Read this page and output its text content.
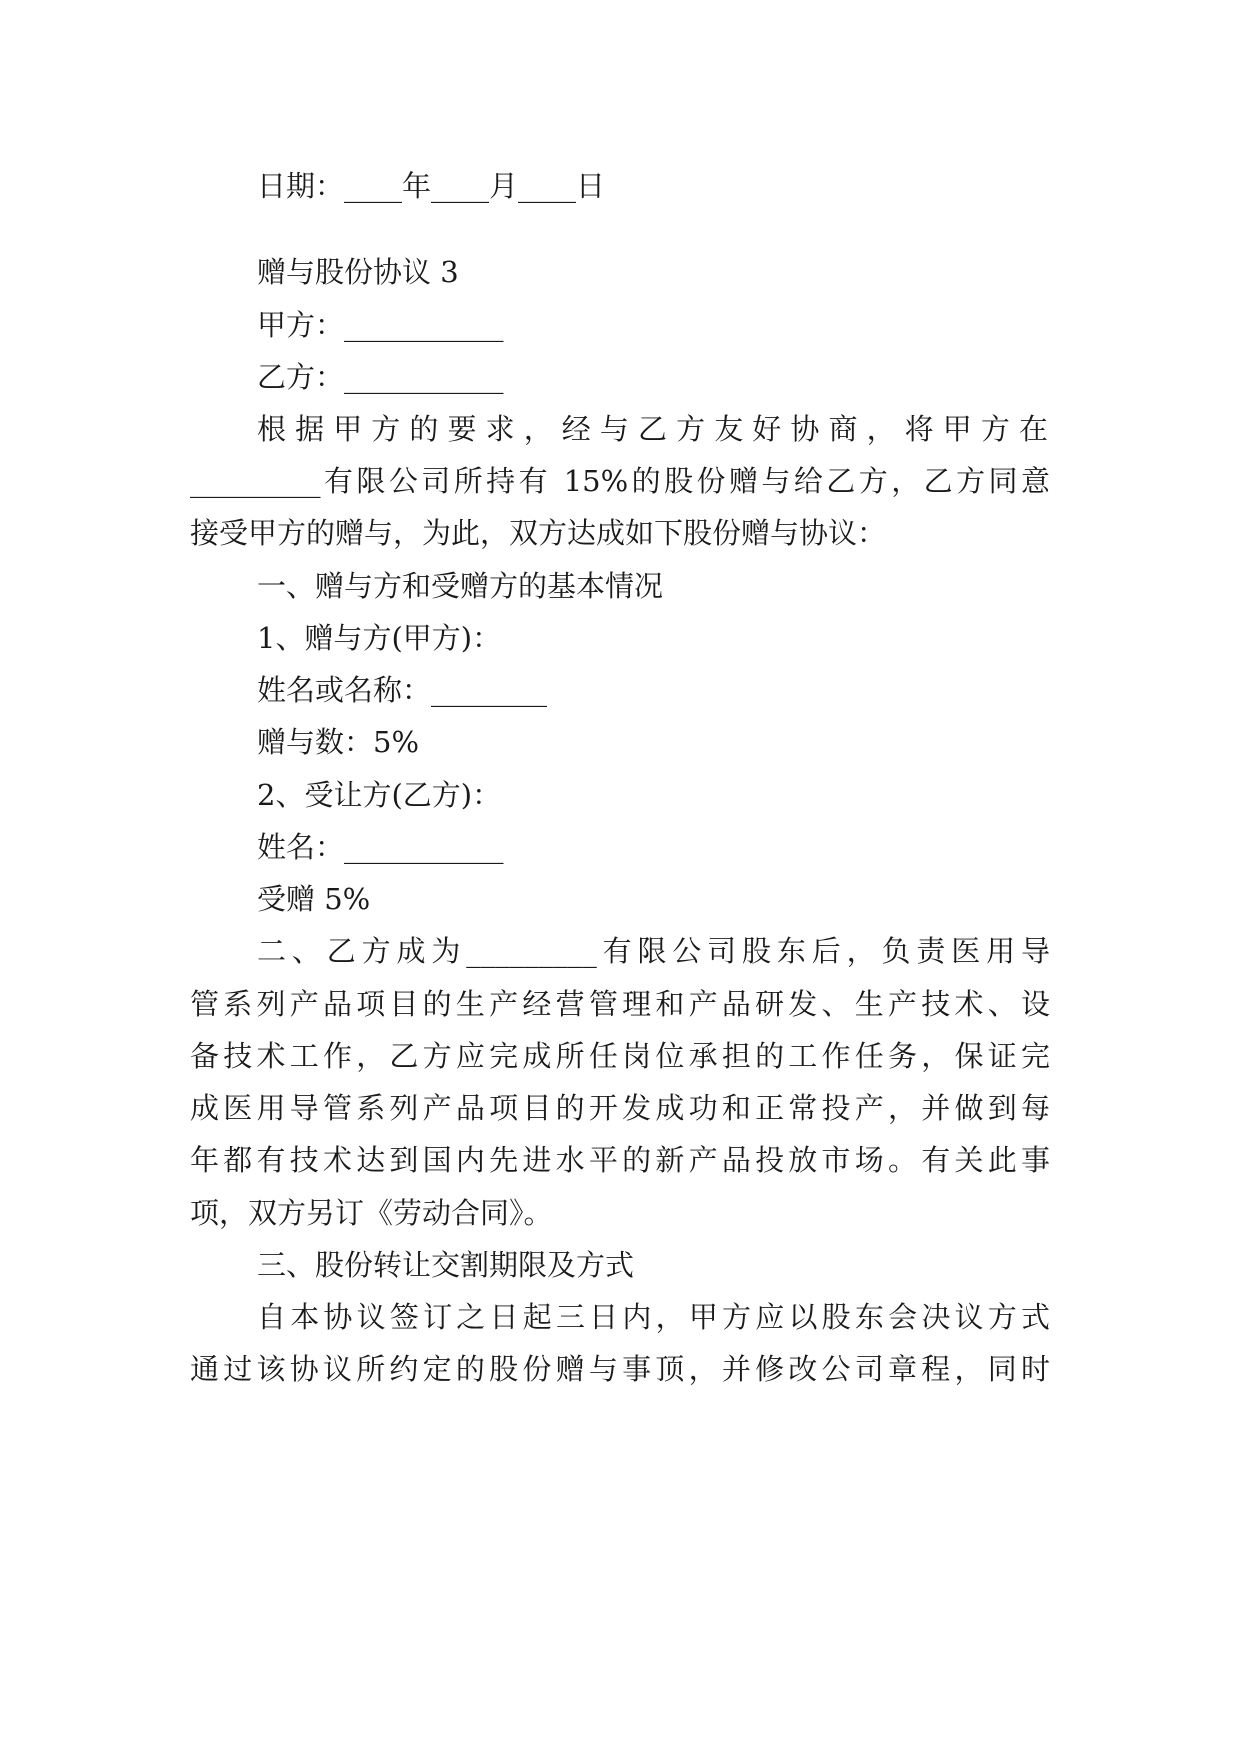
日期：____年____月____日
赠与股份协议 3
甲方：___________
乙方：___________
根据甲方的要求，经与乙方友好协商，将甲方在
_________有限公司所持有 15%的股份赠与给乙方，乙方同意
接受甲方的赠与，为此，双方达成如下股份赠与协议：
一、赠与方和受赠方的基本情况
1、赠与方(甲方)：
姓名或名称：________
赠与数：5%
2、受让方(乙方)：
姓名：___________
受赠 5%
二、乙方成为_________有限公司股东后，负责医用导
管系列产品项目的生产经营管理和产品研发、生产技术、设
备技术工作，乙方应完成所任岗位承担的工作任务，保证完
成医用导管系列产品项目的开发成功和正常投产，并做到每
年都有技术达到国内先进水平的新产品投放市场。有关此事
项，双方另订《劳动合同》。
三、股份转让交割期限及方式
自本协议签订之日起三日内，甲方应以股东会决议方式
通过该协议所约定的股份赠与事顶，并修改公司章程，同时
